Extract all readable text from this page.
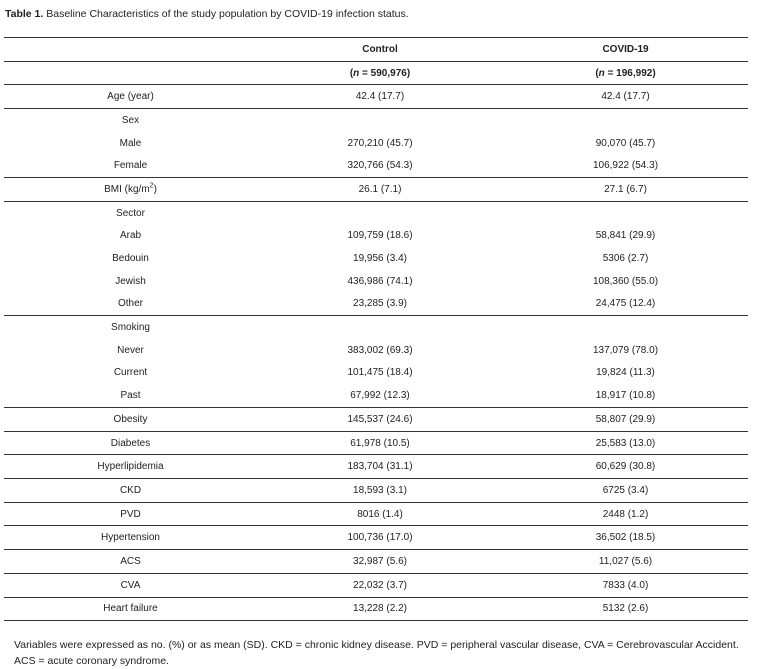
Table 1. Baseline Characteristics of the study population by COVID-19 infection status.
	Control	COVID-19
	(n = 590,976)	(n = 196,992)
Age (year)	42.4 (17.7)	42.4 (17.7)
Sex		
Male	270,210 (45.7)	90,070 (45.7)
Female	320,766 (54.3)	106,922 (54.3)
BMI $(kg/m^2)$	26.1 (7.1)	27.1 (6.7)
Sector		
Arab	109,759 (18.6)	58,841 (29.9)
Bedouin	19,956 (3.4)	5306 (2.7)
Jewish	436,986 (74.1)	108,360 (55.0)
Other	23,285 (3.9)	24,475 (12.4)
Smoking		
Never	383,002 (69.3)	137,079 (78.0)
Current	101,475 (18.4)	19,824 (11.3)
Past	67,992 (12.3)	18,917 (10.8)
Obesity	145,537 (24.6)	58,807 (29.9)
Diabetes	61,978 (10.5)	25,583 (13.0)
Hyperlipidemia	183,704 (31.1)	60,629 (30.8)
CKD	18,593 (3.1)	6725 (3.4)
PVD	8016 (1.4)	2448 (1.2)
Hypertension	100,736 (17.0)	36,502 (18.5)
ACS	32,987 (5.6)	11,027 (5.6)
CVA	22,032 (3.7)	7833 (4.0)
Heart failure	13,228 (2.2)	5132 (2.6)
Variables were expressed as no. (%) or as mean (SD). CKD = chronic kidney disease. PVD = peripheral vascular disease, CVA = Cerebrovascular Accident. ACS = acute coronary syndrome.
